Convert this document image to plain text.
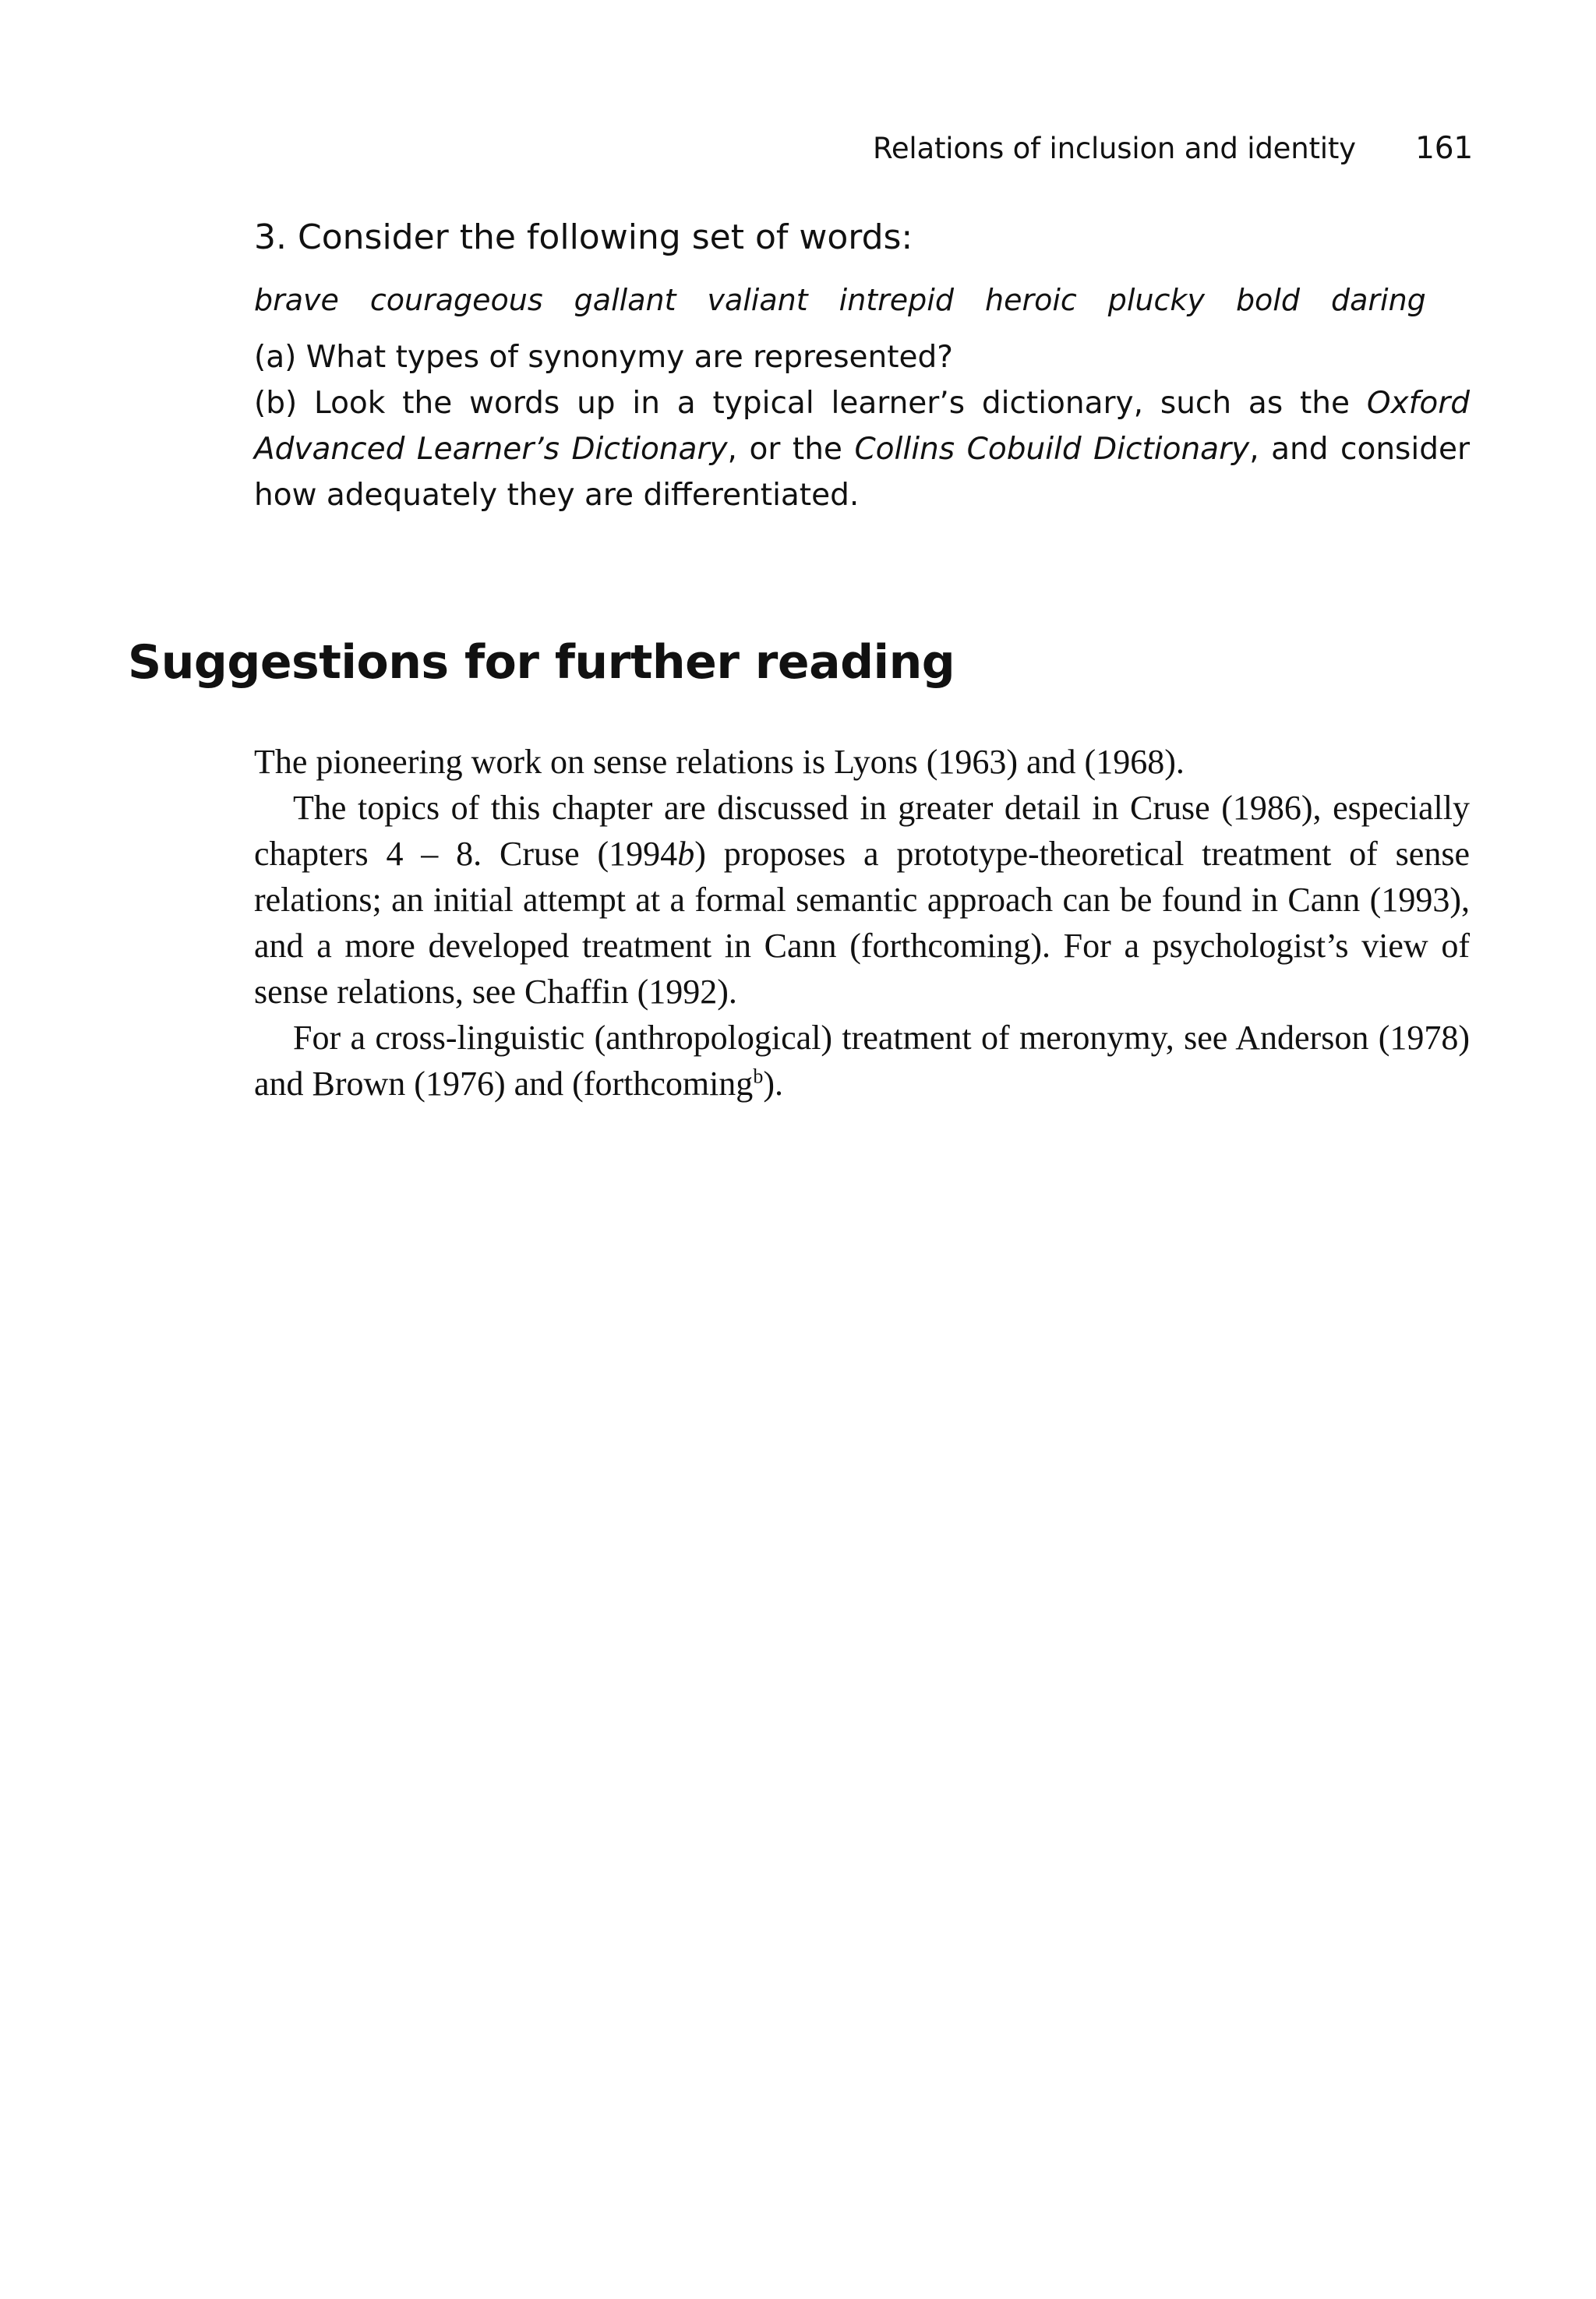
Relations of inclusion and identity 161

3. Consider the following set of words:

brave courageous gallant valiant intrepid heroic plucky bold daring

(a) What types of synonymy are represented?

(b) Look the words up in a typical learner’s dictionary, such as the Oxford Advanced Learner’s Dictionary, or the Collins Cobuild Dictionary, and consider how adequately they are differentiated.

Suggestions for further reading

The pioneering work on sense relations is Lyons (1963) and (1968).

The topics of this chapter are discussed in greater detail in Cruse (1986), especially chapters 4 – 8. Cruse (1994b) proposes a prototype-theoretical treatment of sense relations; an initial attempt at a formal semantic approach can be found in Cann (1993), and a more developed treatment in Cann (forthcoming). For a psychologist’s view of sense relations, see Chaffin (1992).

For a cross-linguistic (anthropological) treatment of meronymy, see Anderson (1978) and Brown (1976) and (forthcoming$^b$).
